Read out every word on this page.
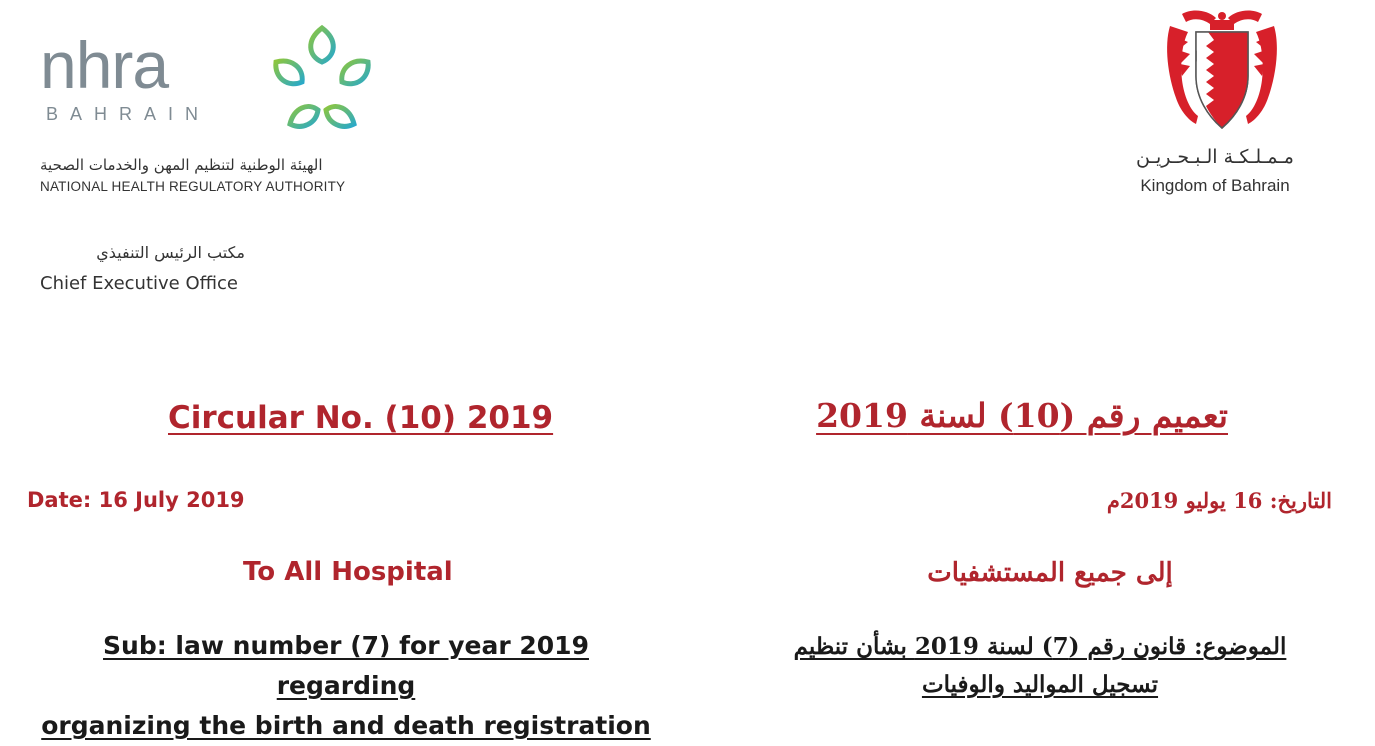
nhra
BAHRAIN
الهيئة الوطنية لتنظيم المهن والخدمات الصحية
NATIONAL HEALTH REGULATORY AUTHORITY
مكتب الرئيس التنفيذي
Chief Executive Office
مـمـلـكـة الـبـحـريـن
Kingdom of Bahrain
Circular No. (10) 2019	تعميم رقم (10) لسنة 2019
Date: 16 July 2019	التاريخ: 16 يوليو 2019م
To All Hospital	إلى جميع المستشفيات
Sub: law number (7) for year 2019 regarding
organizing the birth and death registration
الموضوع: قانون رقم (7) لسنة 2019 بشأن تنظيم
تسجيل المواليد والوفيات
